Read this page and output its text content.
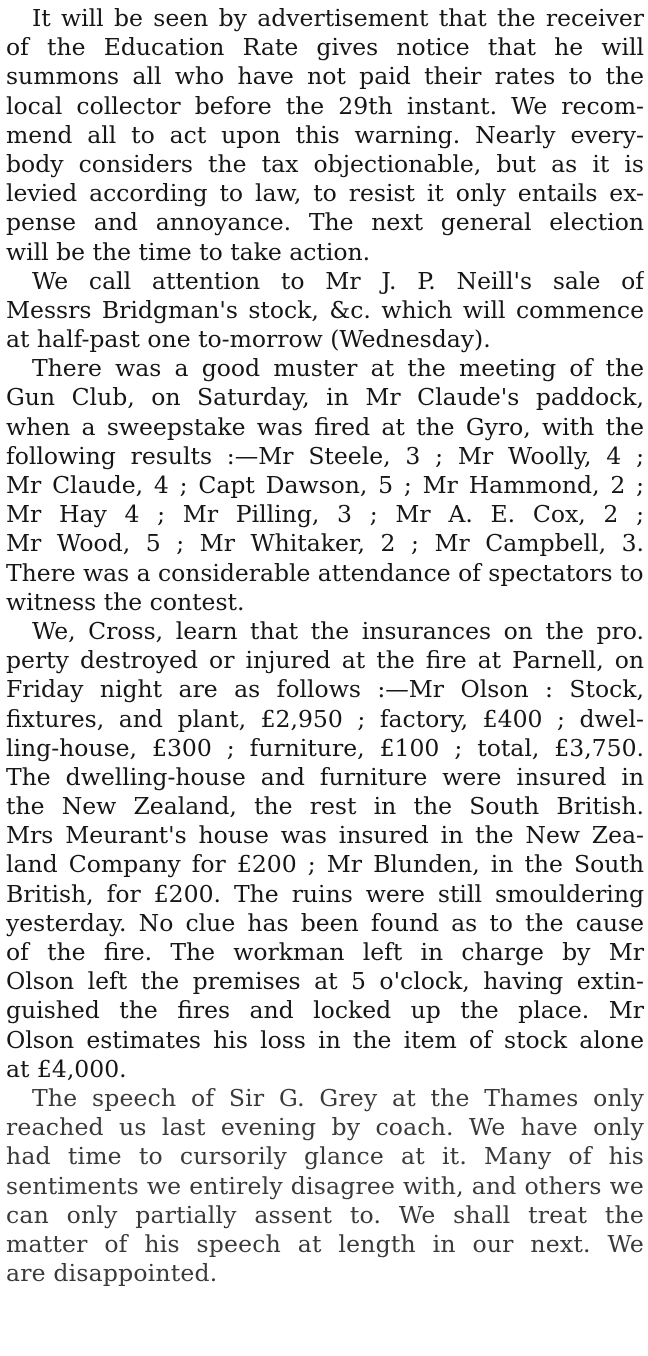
It will be seen by advertisement that the receiver
of the Education Rate gives notice that he will
summons all who have not paid their rates to the
local collector before the 29th instant. We recom-
mend all to act upon this warning. Nearly every-
body considers the tax objectionable, but as it is
levied according to law, to resist it only entails ex-
pense and annoyance. The next general election
will be the time to take action.

We call attention to Mr J. P. Neill's sale of
Messrs Bridgman's stock, &c. which will commence
at half-past one to-morrow (Wednesday).

There was a good muster at the meeting of the
Gun Club, on Saturday, in Mr Claude's paddock,
when a sweepstake was fired at the Gyro, with the
following results :—Mr Steele, 3 ; Mr Woolly, 4 ;
Mr Claude, 4 ; Capt Dawson, 5 ; Mr Hammond, 2 ;
Mr Hay 4 ; Mr Pilling, 3 ; Mr A. E. Cox, 2 ;
Mr Wood, 5 ; Mr Whitaker, 2 ; Mr Campbell, 3.
There was a considerable attendance of spectators to
witness the contest.

We, Cross, learn that the insurances on the pro.
perty destroyed or injured at the fire at Parnell, on
Friday night are as follows :—Mr Olson : Stock,
fixtures, and plant, £2,950 ; factory, £400 ; dwel-
ling-house, £300 ; furniture, £100 ; total, £3,750.
The dwelling-house and furniture were insured in
the New Zealand, the rest in the South British.
Mrs Meurant's house was insured in the New Zea-
land Company for £200 ; Mr Blunden, in the South
British, for £200. The ruins were still smouldering
yesterday. No clue has been found as to the cause
of the fire. The workman left in charge by Mr
Olson left the premises at 5 o'clock, having extin-
guished the fires and locked up the place. Mr
Olson estimates his loss in the item of stock alone
at £4,000.

The speech of Sir G. Grey at the Thames only
reached us last evening by coach. We have only
had time to cursorily glance at it. Many of his
sentiments we entirely disagree with, and others we
can only partially assent to. We shall treat the
matter of his speech at length in our next. We
are disappointed.
